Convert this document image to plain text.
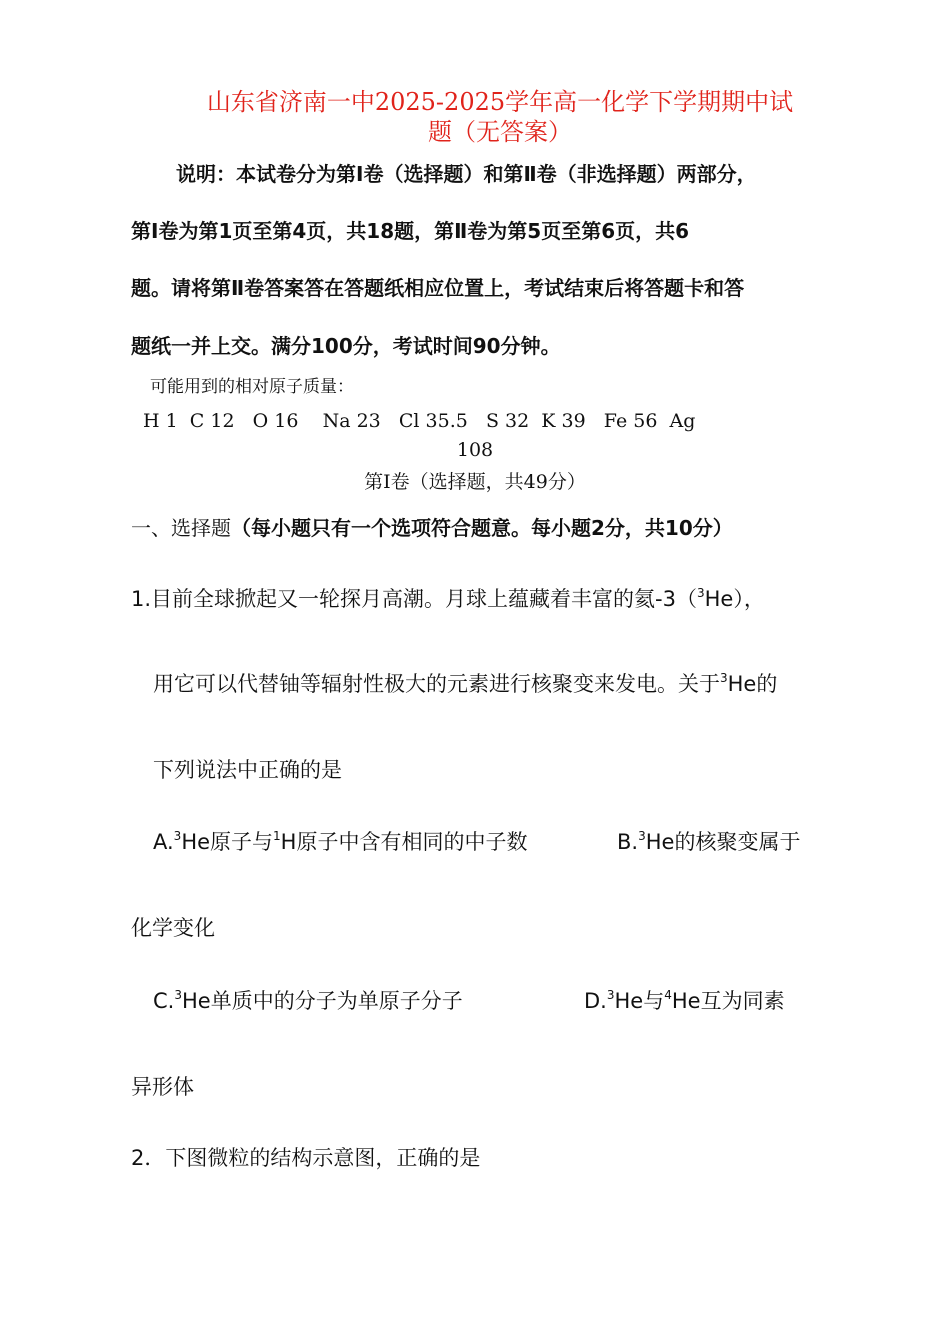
山东省济南一中2025-2025学年高一化学下学期期中试
题（无答案）
说明：本试卷分为第Ⅰ卷（选择题）和第Ⅱ卷（非选择题）两部分，
第Ⅰ卷为第1页至第4页，共18题，第Ⅱ卷为第5页至第6页，共6
题。请将第Ⅱ卷答案答在答题纸相应位置上，考试结束后将答题卡和答
题纸一并上交。满分100分，考试时间90分钟。
可能用到的相对原子质量：
H 1  C 12   O 16    Na 23   Cl 35.5   S 32  K 39   Fe 56  Ag
108
第Ⅰ卷（选择题，共49分）
一、选择题（每小题只有一个选项符合题意。每小题2分，共10分）
1.目前全球掀起又一轮探月高潮。月球上蕴藏着丰富的氦-3（$^3$He），
用它可以代替铀等辐射性极大的元素进行核聚变来发电。关于$^3$He的
下列说法中正确的是
A.$^3$He原子与$^1$H原子中含有相同的中子数	B.$^3$He的核聚变属于
化学变化
C.$^3$He单质中的分子为单原子分子	D.$^3$He与$^4$He互为同素
异形体
2．下图微粒的结构示意图，正确的是
